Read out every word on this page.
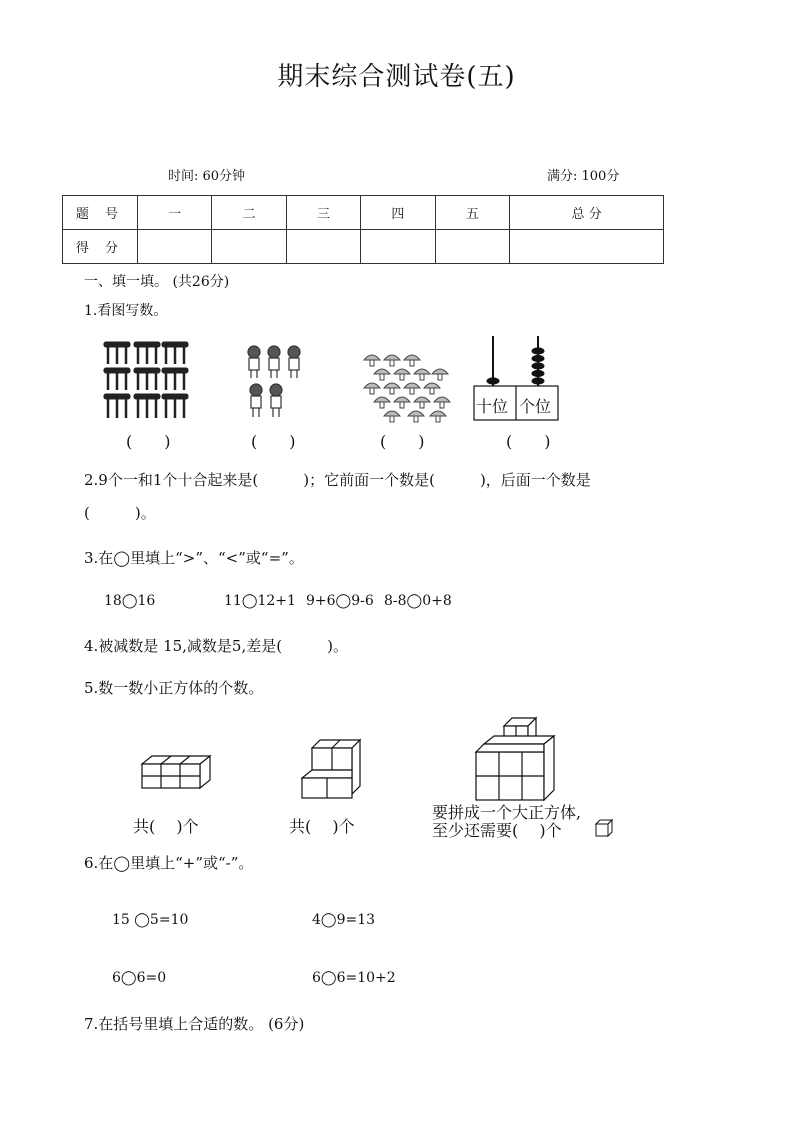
期末综合测试卷(五)
时间: 60分钟	满分: 100分
题 号	一	二	三	四	五	总 分
得 分						
一、填一填。 (共26分)
1.看图写数。
十位 个位
(　　)	(　　)	(　　)	(　　)
2.9个一和1个十合起来是(　　　)；它前面一个数是(　　　)，后面一个数是
(　　　)。
3.在◯里填上“>”、“<”或“=”。
18◯16	11◯12+1 9+6◯9-6 8-8◯0+8
4.被减数是 15,减数是5,差是(　　　)。
5.数一数小正方体的个数。
共(　 )个	共(　 )个
要拼成一个大正方体,
至少还需要(　 )个
6.在◯里填上“+”或“-”。
15 ◯5=10	4◯9=13
6◯6=0	6◯6=10+2
7.在括号里填上合适的数。 (6分)
